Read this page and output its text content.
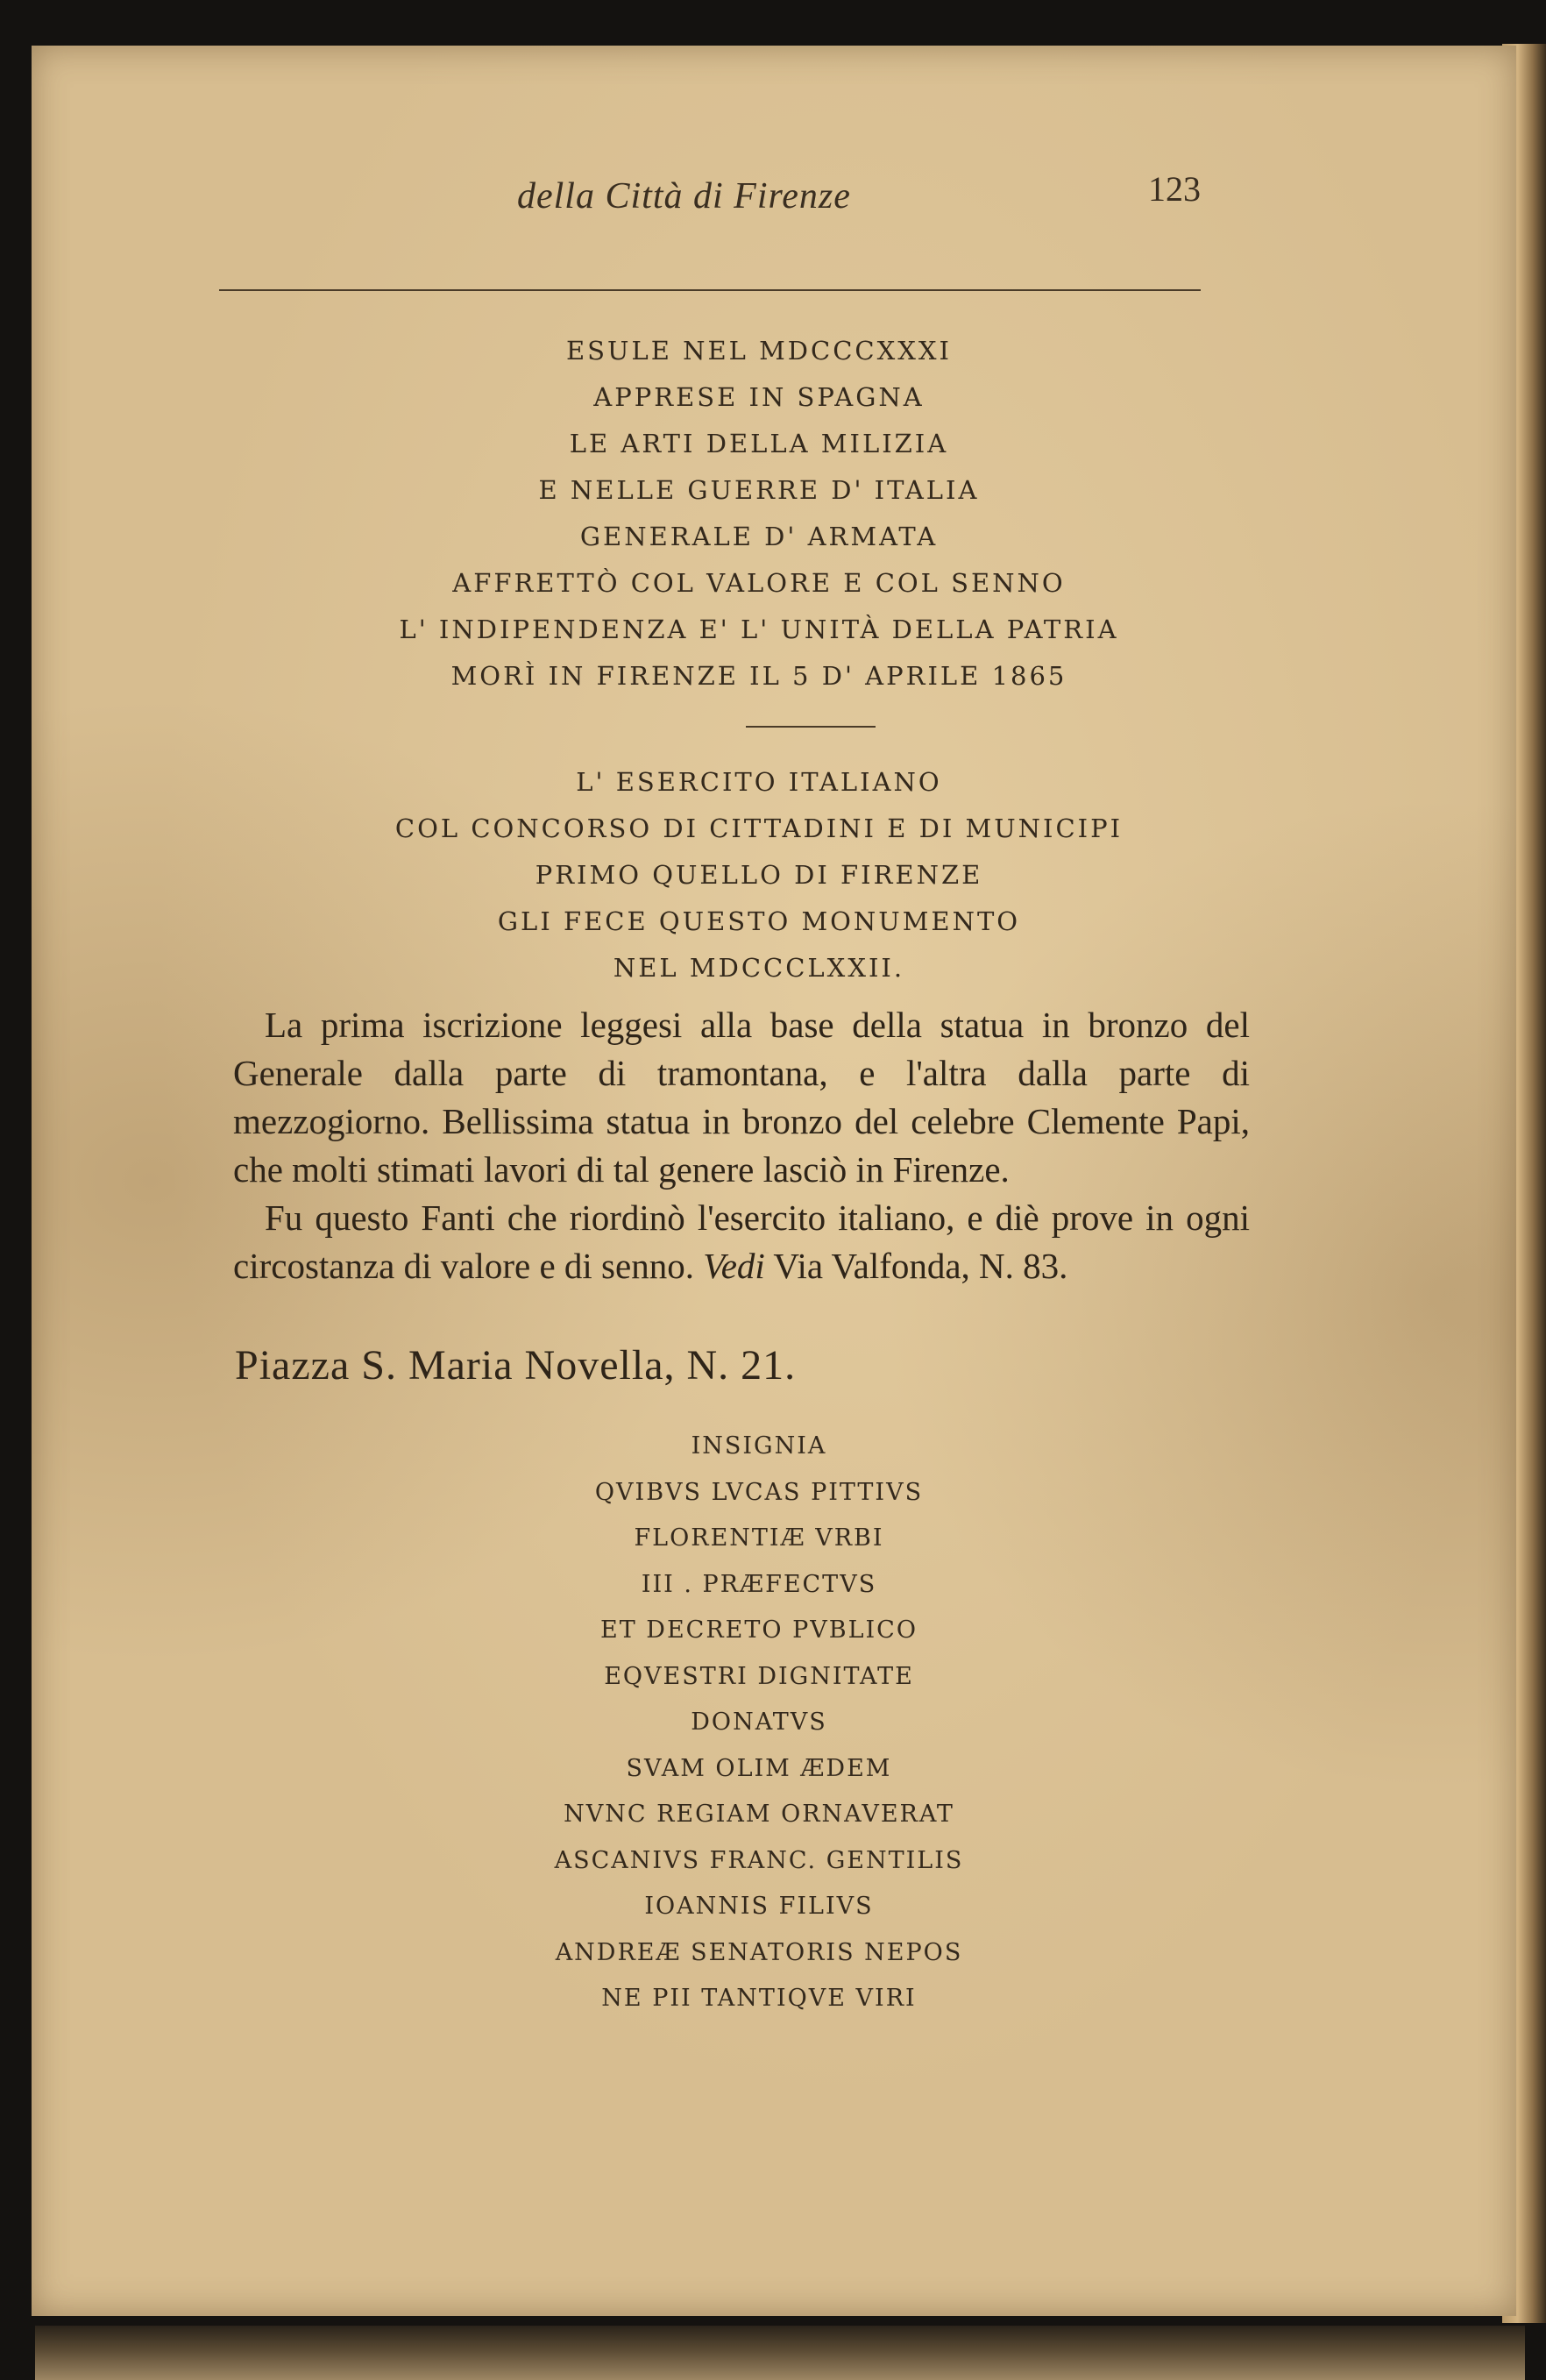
della Città di Firenze	123
ESULE NEL MDCCCXXXI
APPRESE IN SPAGNA
LE ARTI DELLA MILIZIA
E NELLE GUERRE D' ITALIA
GENERALE D' ARMATA
AFFRETTÒ COL VALORE E COL SENNO
L' INDIPENDENZA E' L' UNITÀ DELLA PATRIA
MORÌ IN FIRENZE IL 5 D' APRILE 1865
L' ESERCITO ITALIANO
COL CONCORSO DI CITTADINI E DI MUNICIPI
PRIMO QUELLO DI FIRENZE
GLI FECE QUESTO MONUMENTO
NEL MDCCCLXXII.

La prima iscrizione leggesi alla base della statua in bronzo del Generale dalla parte di tramontana, e l'altra dalla parte di mezzogiorno. Bellissima statua in bronzo del celebre Clemente Papi, che molti stimati lavori di tal genere lasciò in Firenze.

Fu questo Fanti che riordinò l'esercito italiano, e diè prove in ogni circostanza di valore e di senno. Vedi Via Valfonda, N. 83.

Piazza S. Maria Novella, N. 21.
INSIGNIA
QVIBVS LVCAS PITTIVS
FLORENTIÆ VRBI
III . PRÆFECTVS
ET DECRETO PVBLICO
EQVESTRI DIGNITATE
DONATVS
SVAM OLIM ÆDEM
NVNC REGIAM ORNAVERAT
ASCANIVS FRANC. GENTILIS
IOANNIS FILIVS
ANDREÆ SENATORIS NEPOS
NE PII TANTIQVE VIRI
